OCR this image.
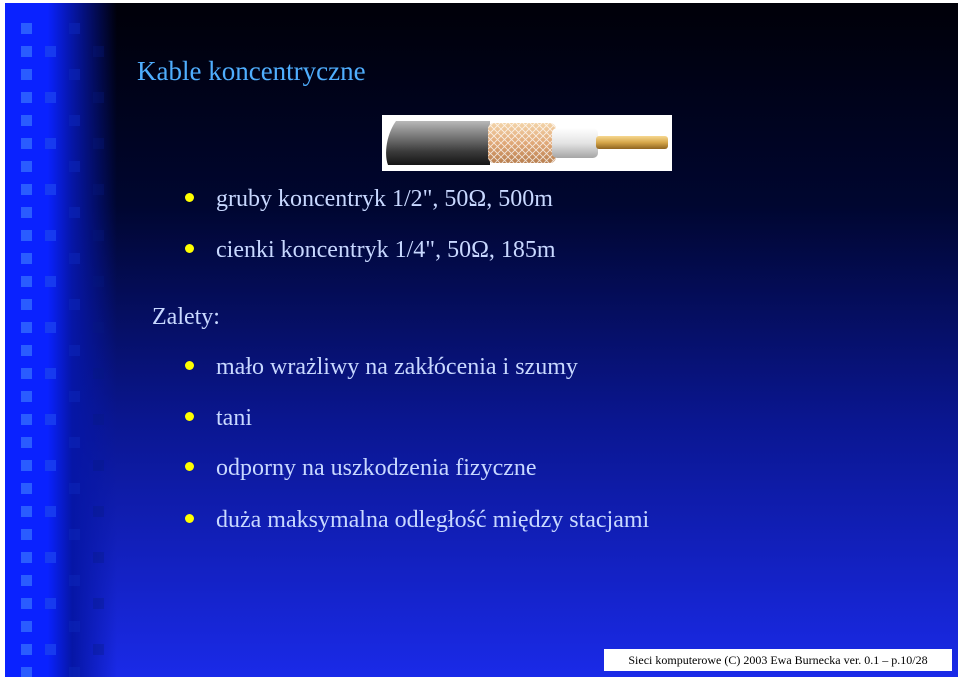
Kable koncentryczne
gruby koncentryk 1/2", 50Ω, 500m
cienki koncentryk 1/4", 50Ω, 185m
Zalety:
mało wrażliwy na zakłócenia i szumy
tani
odporny na uszkodzenia fizyczne
duża maksymalna odległość między stacjami
Sieci komputerowe (C) 2003 Ewa Burnecka ver. 0.1 – p.10/28
